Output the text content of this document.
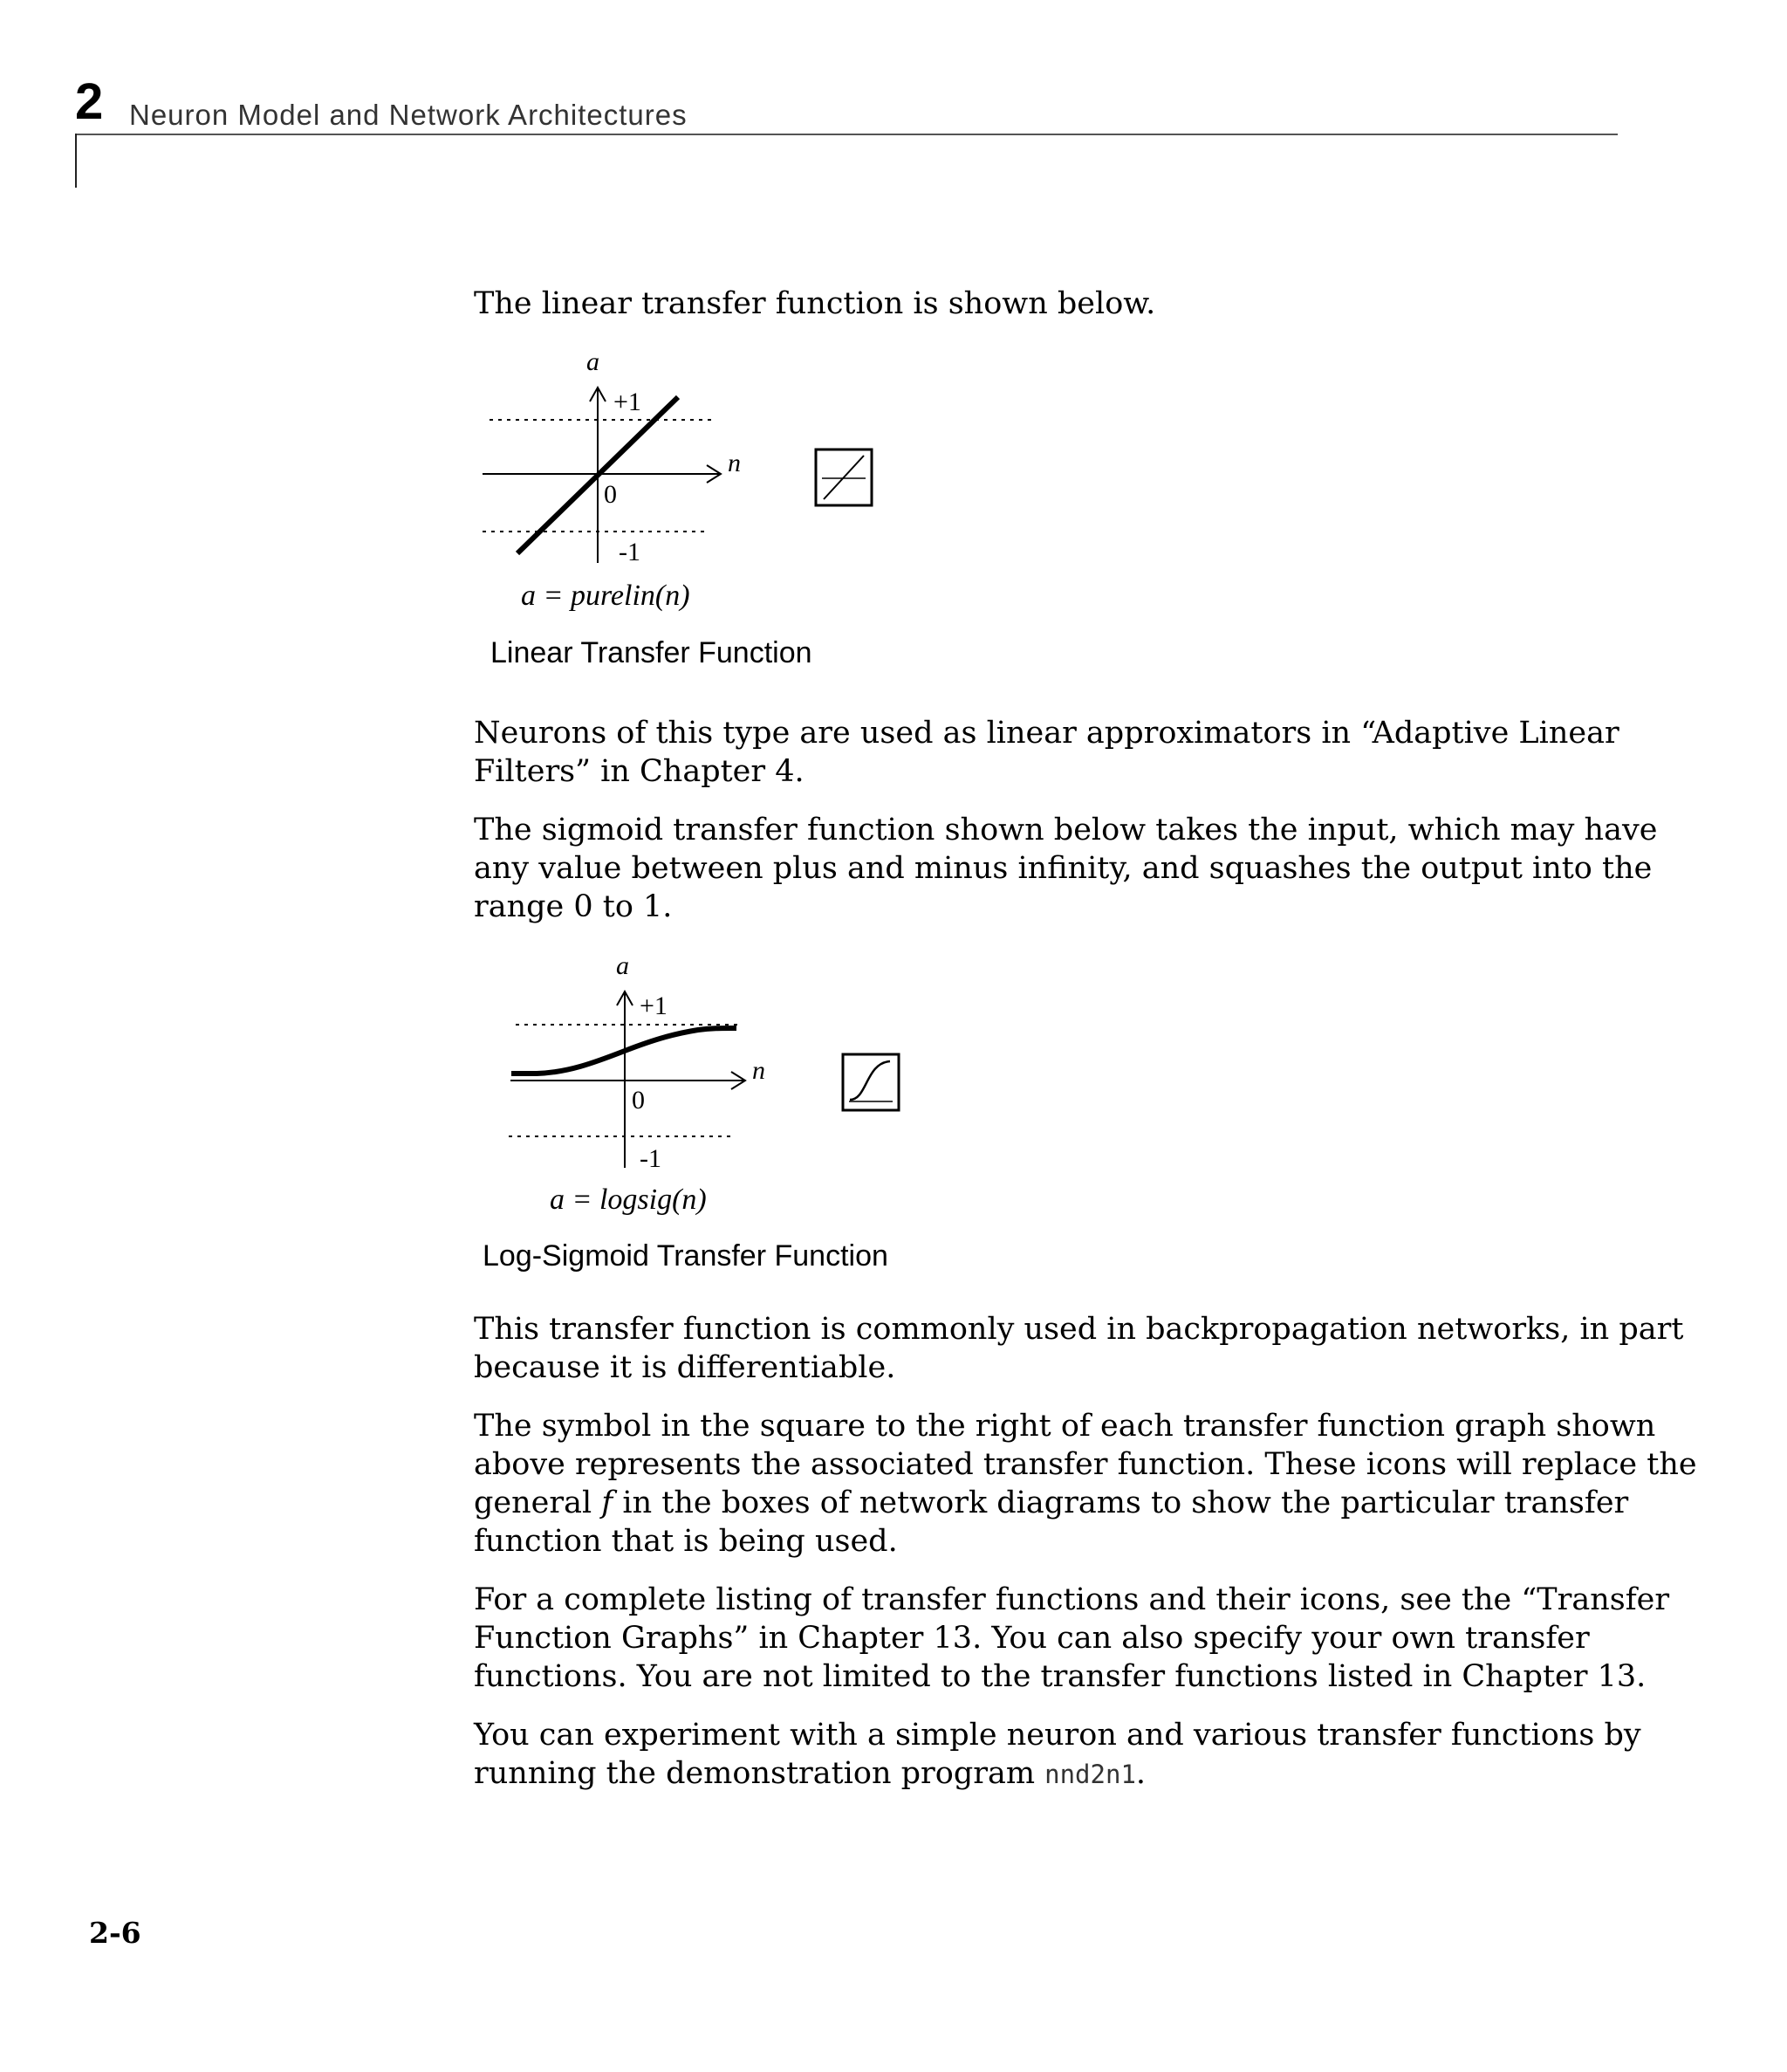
2 Neuron Model and Network Architectures

The linear transfer function is shown below.

a
+1
0
-1
n
a = purelin(n)
Linear Transfer Function

Neurons of this type are used as linear approximators in “Adaptive Linear
Filters” in Chapter 4.

The sigmoid transfer function shown below takes the input, which may have
any value between plus and minus infinity, and squashes the output into the
range 0 to 1.

a
+1
0
-1
n
a = logsig(n)
Log-Sigmoid Transfer Function

This transfer function is commonly used in backpropagation networks, in part
because it is differentiable.

The symbol in the square to the right of each transfer function graph shown
above represents the associated transfer function. These icons will replace the
general f in the boxes of network diagrams to show the particular transfer
function that is being used.

For a complete listing of transfer functions and their icons, see the “Transfer
Function Graphs” in Chapter 13. You can also specify your own transfer
functions. You are not limited to the transfer functions listed in Chapter 13.

You can experiment with a simple neuron and various transfer functions by
running the demonstration program nnd2n1.

2-6
